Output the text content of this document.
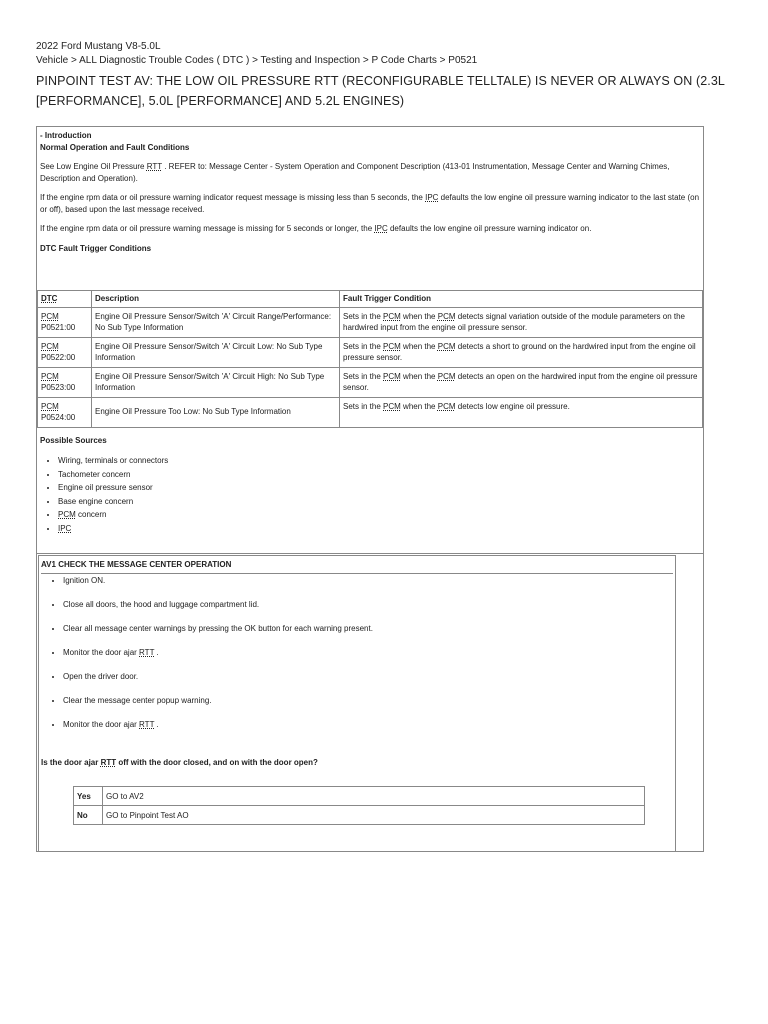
2022 Ford Mustang V8-5.0L

Vehicle > ALL Diagnostic Trouble Codes ( DTC ) > Testing and Inspection > P Code Charts > P0521

PINPOINT TEST AV: THE LOW OIL PRESSURE RTT (RECONFIGURABLE TELLTALE) IS NEVER OR ALWAYS ON (2.3L [PERFORMANCE], 5.0L [PERFORMANCE] AND 5.2L ENGINES)

- Introduction

Normal Operation and Fault Conditions

See Low Engine Oil Pressure RTT . REFER to: Message Center - System Operation and Component Description (413-01 Instrumentation, Message Center and Warning Chimes, Description and Operation).

If the engine rpm data or oil pressure warning indicator request message is missing less than 5 seconds, the IPC defaults the low engine oil pressure warning indicator to the last state (on or off), based upon the last message received.

If the engine rpm data or oil pressure warning message is missing for 5 seconds or longer, the IPC defaults the low engine oil pressure warning indicator on.

DTC Fault Trigger Conditions

DTC	Description	Fault Trigger Condition
PCM
P0521:00	Engine Oil Pressure Sensor/Switch 'A' Circuit Range/Performance: No Sub Type Information	Sets in the PCM when the PCM detects signal variation outside of the module parameters on the hardwired input from the engine oil pressure sensor.
PCM
P0522:00	Engine Oil Pressure Sensor/Switch 'A' Circuit Low: No Sub Type Information	Sets in the PCM when the PCM detects a short to ground on the hardwired input from the engine oil pressure sensor.
PCM
P0523:00	Engine Oil Pressure Sensor/Switch 'A' Circuit High: No Sub Type Information	Sets in the PCM when the PCM detects an open on the hardwired input from the engine oil pressure sensor.
PCM
P0524:00	Engine Oil Pressure Too Low: No Sub Type Information	Sets in the PCM when the PCM detects low engine oil pressure.
Possible Sources
• Wiring, terminals or connectors
• Tachometer concern
• Engine oil pressure sensor
• Base engine concern
• PCM concern
• IPC
AV1 CHECK THE MESSAGE CENTER OPERATION
• Ignition ON.
• Close all doors, the hood and luggage compartment lid.
• Clear all message center warnings by pressing the OK button for each warning present.
• Monitor the door ajar RTT .
• Open the driver door.
• Clear the message center popup warning.
• Monitor the door ajar RTT .
Is the door ajar RTT off with the door closed, and on with the door open?
Yes	GO to AV2
No	GO to Pinpoint Test AO
